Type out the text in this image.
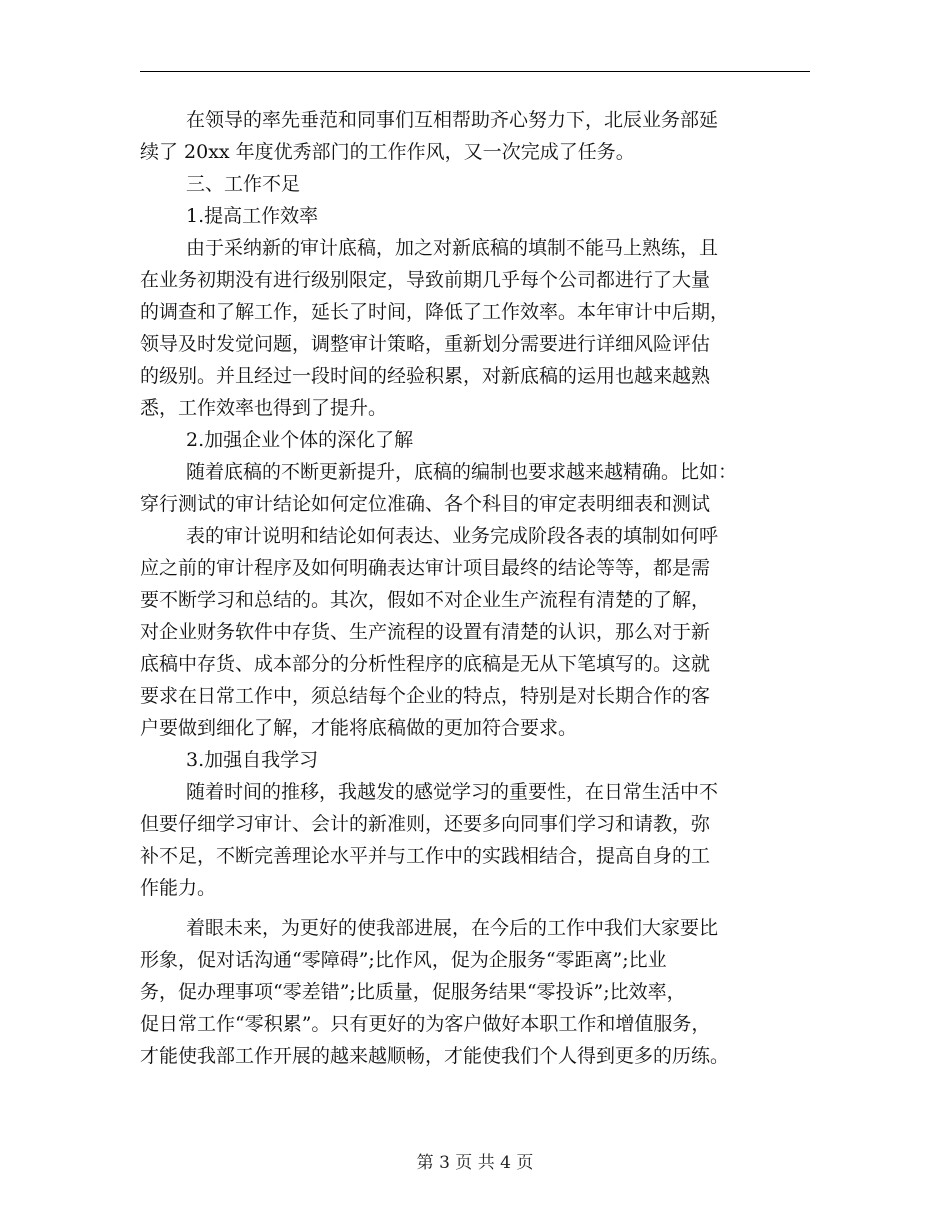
在领导的率先垂范和同事们互相帮助齐心努力下，北辰业务部延
续了 20xx 年度优秀部门的工作作风，又一次完成了任务。
三、工作不足
1.提高工作效率
由于采纳新的审计底稿，加之对新底稿的填制不能马上熟练，且
在业务初期没有进行级别限定，导致前期几乎每个公司都进行了大量
的调查和了解工作，延长了时间，降低了工作效率。本年审计中后期，
领导及时发觉问题，调整审计策略，重新划分需要进行详细风险评估
的级别。并且经过一段时间的经验积累，对新底稿的运用也越来越熟
悉，工作效率也得到了提升。
2.加强企业个体的深化了解
随着底稿的不断更新提升，底稿的编制也要求越来越精确。比如：
穿行测试的审计结论如何定位准确、各个科目的审定表明细表和测试
表的审计说明和结论如何表达、业务完成阶段各表的填制如何呼
应之前的审计程序及如何明确表达审计项目最终的结论等等，都是需
要不断学习和总结的。其次，假如不对企业生产流程有清楚的了解，
对企业财务软件中存货、生产流程的设置有清楚的认识，那么对于新
底稿中存货、成本部分的分析性程序的底稿是无从下笔填写的。这就
要求在日常工作中，须总结每个企业的特点，特别是对长期合作的客
户要做到细化了解，才能将底稿做的更加符合要求。
3.加强自我学习
随着时间的推移，我越发的感觉学习的重要性，在日常生活中不
但要仔细学习审计、会计的新准则，还要多向同事们学习和请教，弥
补不足，不断完善理论水平并与工作中的实践相结合，提高自身的工
作能力。
着眼未来，为更好的使我部进展，在今后的工作中我们大家要比
形象，促对话沟通“零障碍”;比作风，促为企服务“零距离”;比业
务，促办理事项“零差错”;比质量，促服务结果“零投诉”;比效率，
促日常工作“零积累”。只有更好的为客户做好本职工作和增值服务，
才能使我部工作开展的越来越顺畅，才能使我们个人得到更多的历练。
第 3 页 共 4 页
